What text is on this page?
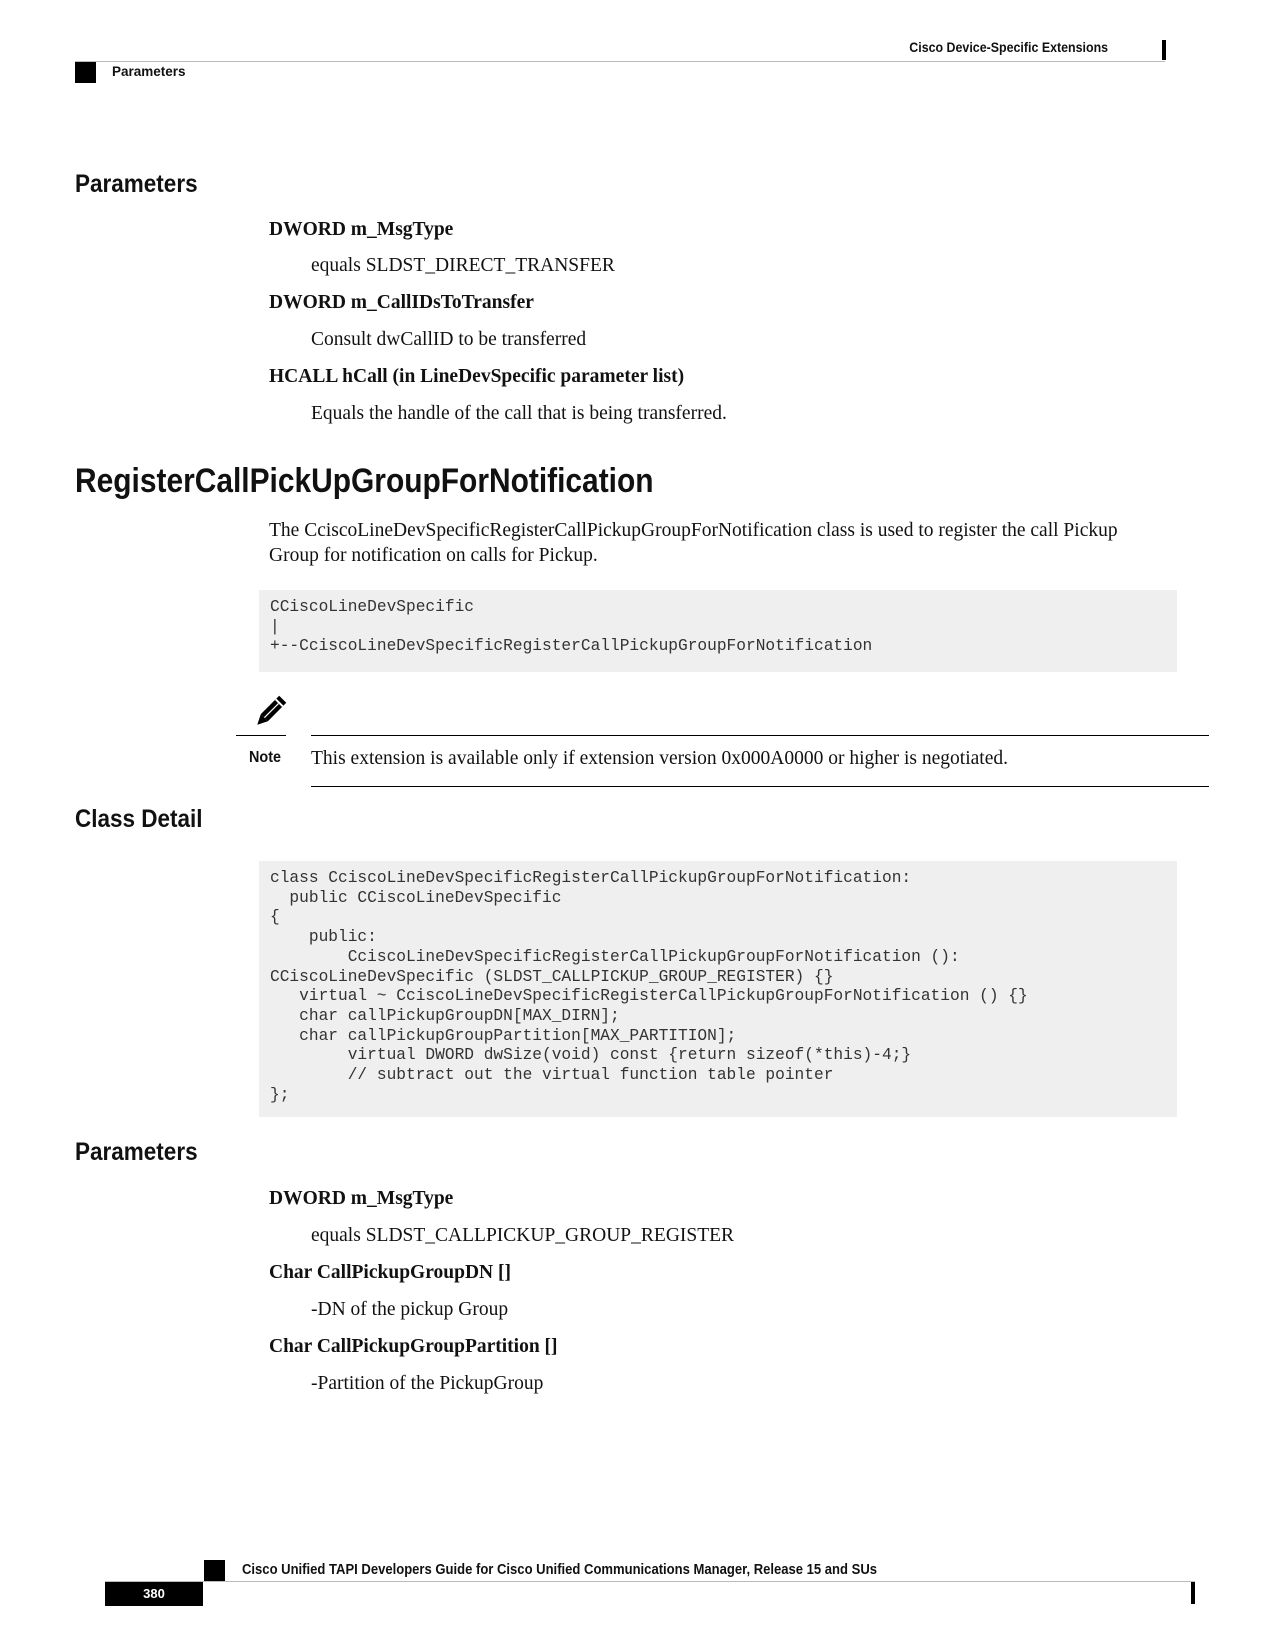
Cisco Device-Specific Extensions
Parameters
Parameters
DWORD m_MsgType
equals SLDST_DIRECT_TRANSFER
DWORD m_CallIDsToTransfer
Consult dwCallID to be transferred
HCALL hCall (in LineDevSpecific parameter list)
Equals the handle of the call that is being transferred.
RegisterCallPickUpGroupForNotification
The CciscoLineDevSpecificRegisterCallPickupGroupForNotification class is used to register the call Pickup Group for notification on calls for Pickup.
CCiscoLineDevSpecific
|
+--CciscoLineDevSpecificRegisterCallPickupGroupForNotification
Note This extension is available only if extension version 0x000A0000 or higher is negotiated.
Class Detail
class CciscoLineDevSpecificRegisterCallPickupGroupForNotification:
public CCiscoLineDevSpecific
{
public:
CciscoLineDevSpecificRegisterCallPickupGroupForNotification ():
CCiscoLineDevSpecific (SLDST_CALLPICKUP_GROUP_REGISTER) {}
virtual ~ CciscoLineDevSpecificRegisterCallPickupGroupForNotification () {}
char callPickupGroupDN[MAX_DIRN];
char callPickupGroupPartition[MAX_PARTITION];
virtual DWORD dwSize(void) const {return sizeof(*this)-4;}
// subtract out the virtual function table pointer
};
Parameters
DWORD m_MsgType
equals SLDST_CALLPICKUP_GROUP_REGISTER
Char CallPickupGroupDN []
-DN of the pickup Group
Char CallPickupGroupPartition []
-Partition of the PickupGroup
Cisco Unified TAPI Developers Guide for Cisco Unified Communications Manager, Release 15 and SUs
380
